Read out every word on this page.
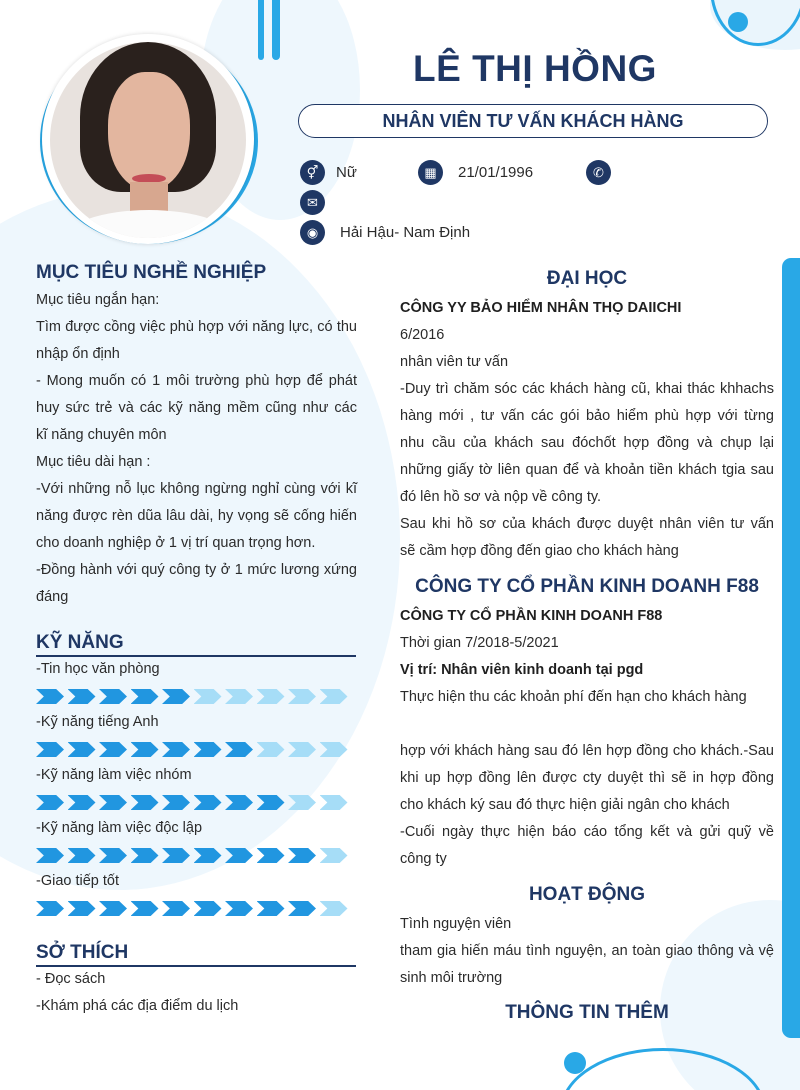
LÊ THỊ HỒNG
NHÂN VIÊN TƯ VẤN KHÁCH HÀNG
⚥	Nữ	▦	21/01/1996	✆
✉
◉	Hải Hậu- Nam Định
MỤC TIÊU NGHỀ NGHIỆP
Mục tiêu ngắn hạn:
Tìm được cồng việc phù hợp với năng lực, có thu
nhập ổn định
- Mong muốn có 1 môi trường phù hợp để phát
huy sức trẻ và các kỹ năng mềm cũng như các
kĩ năng chuyên môn
Mục tiêu dài hạn :
-Với những nỗ lục không ngừng nghỉ cùng với kĩ
năng được rèn dũa lâu dài, hy vọng sẽ cống hiến
cho doanh nghiệp ở 1 vị trí quan trọng hơn.
-Đồng hành với quý công ty ở 1 mức lương xứng
đáng
KỸ NĂNG
-Tin học văn phòng
-Kỹ năng tiếng Anh
-Kỹ năng làm việc nhóm
-Kỹ năng làm việc độc lập
-Giao tiếp tốt
SỞ THÍCH
- Đọc sách
-Khám phá các địa điểm du lịch
ĐẠI HỌC
CÔNG YY BẢO HIỂM NHÂN THỌ DAIICHI
6/2016
nhân viên tư vấn
-Duy trì chăm sóc các khách hàng cũ, khai thác khhachs
hàng mới , tư vấn các gói bảo hiểm phù hợp với từng
nhu cầu của khách sau đóchốt hợp đồng và chụp lại
những giấy tờ liên quan để và khoản tiền khách tgia sau
đó lên hồ sơ và nộp về công ty.
Sau khi hồ sơ của khách được duyệt nhân viên tư vấn
sẽ cầm hợp đồng đến giao cho khách hàng
CÔNG TY CỔ PHẦN KINH DOANH F88
CÔNG TY CỔ PHẦN KINH DOANH F88
Thời gian 7/2018-5/2021
Vị trí: Nhân viên kinh doanh tại pgd
Thực hiện thu các khoản phí đến hạn cho khách hàng
hợp với khách hàng sau đó lên hợp đồng cho khách.-Sau
khi up hợp đồng lên được cty duyệt thì sẽ in hợp đồng
cho khách ký sau đó thực hiện giải ngân cho khách
-Cuối ngày thực hiện báo cáo tổng kết và gửi quỹ về
công ty
HOẠT ĐỘNG
Tình nguyện viên
tham gia hiến máu tình nguyện, an toàn giao thông và vệ
sinh môi trường
THÔNG TIN THÊM
